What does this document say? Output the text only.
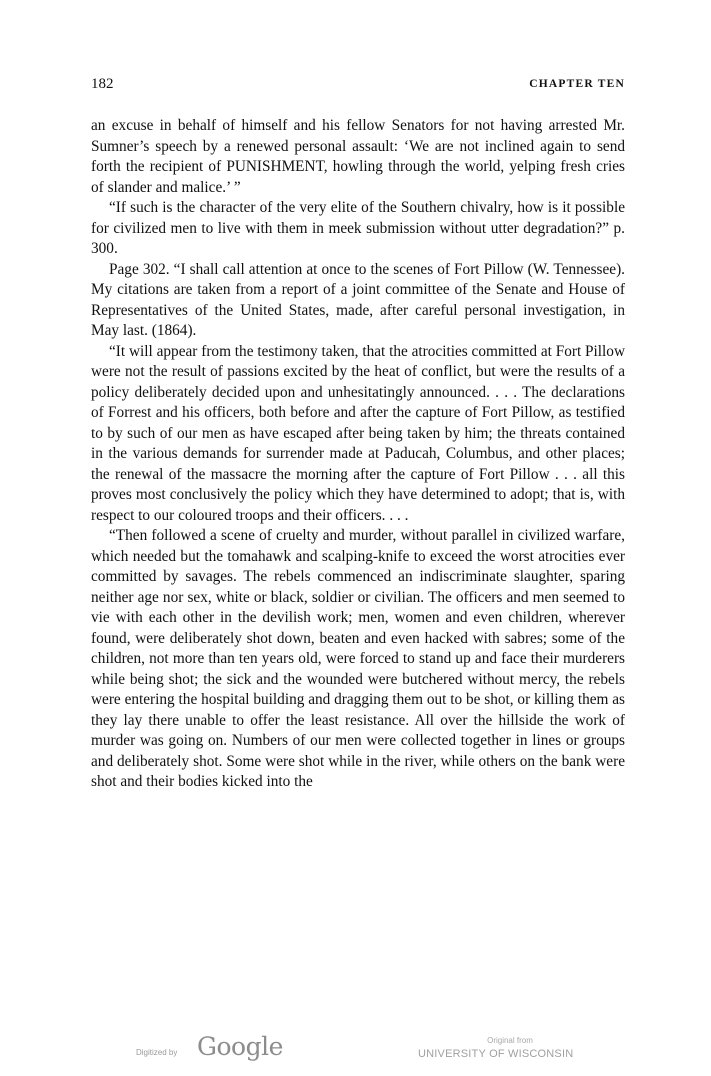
182	CHAPTER TEN

an excuse in behalf of himself and his fellow Senators for not having arrested Mr. Sumner’s speech by a renewed personal assault: ‘We are not inclined again to send forth the recipient of PUNISHMENT, howling through the world, yelping fresh cries of slander and malice.’ ”

“If such is the character of the very elite of the Southern chivalry, how is it possible for civilized men to live with them in meek submission without utter degradation?” p. 300.

Page 302. “I shall call attention at once to the scenes of Fort Pillow (W. Tennessee). My citations are taken from a report of a joint committee of the Senate and House of Representatives of the United States, made, after careful personal investigation, in May last. (1864).

“It will appear from the testimony taken, that the atrocities committed at Fort Pillow were not the result of passions excited by the heat of conflict, but were the results of a policy deliberately decided upon and unhesitatingly announced. . . . The declarations of Forrest and his officers, both before and after the capture of Fort Pillow, as testified to by such of our men as have escaped after being taken by him; the threats contained in the various demands for surrender made at Paducah, Columbus, and other places; the renewal of the massacre the morning after the capture of Fort Pillow . . . all this proves most conclusively the policy which they have determined to adopt; that is, with respect to our coloured troops and their officers. . . .

“Then followed a scene of cruelty and murder, without parallel in civilized warfare, which needed but the tomahawk and scalping-knife to exceed the worst atrocities ever committed by savages. The rebels commenced an indiscriminate slaughter, sparing neither age nor sex, white or black, soldier or civilian. The officers and men seemed to vie with each other in the devilish work; men, women and even children, wherever found, were deliberately shot down, beaten and even hacked with sabres; some of the children, not more than ten years old, were forced to stand up and face their murderers while being shot; the sick and the wounded were butchered without mercy, the rebels were entering the hospital building and dragging them out to be shot, or killing them as they lay there unable to offer the least resistance. All over the hillside the work of murder was going on. Numbers of our men were collected together in lines or groups and deliberately shot. Some were shot while in the river, while others on the bank were shot and their bodies kicked into the

Digitized by Google	Original from
UNIVERSITY OF WISCONSIN
